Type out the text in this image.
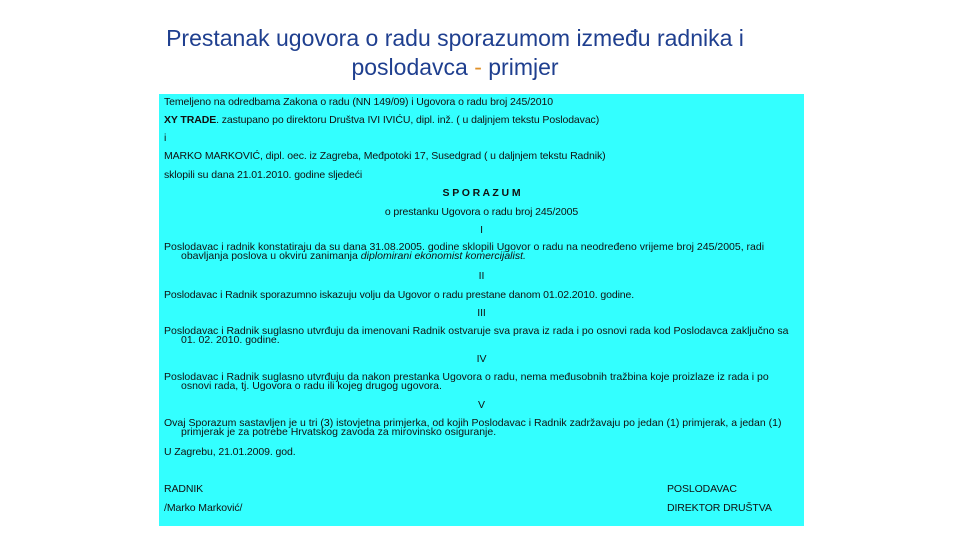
Prestanak ugovora o radu sporazumom između radnika i
poslodavca - primjer
Temeljeno na odredbama Zakona o radu (NN 149/09) i Ugovora o radu broj 245/2010
XY TRADE. zastupano po direktoru Društva IVI IVIĆU, dipl. inž. ( u daljnjem tekstu Poslodavac)
i
MARKO MARKOVIĆ, dipl. oec. iz Zagreba, Međpotoki 17, Susedgrad ( u daljnjem tekstu Radnik)
sklopili su dana 21.01.2010. godine sljedeći
S P O R A Z U M
o prestanku Ugovora o radu broj 245/2005
I
Poslodavac i radnik konstatiraju da su dana 31.08.2005. godine sklopili Ugovor o radu na neodređeno vrijeme broj 245/2005, radi obavljanja poslova u okviru zanimanja diplomirani ekonomist komercijalist.
II
Poslodavac i Radnik sporazumno iskazuju volju da Ugovor o radu prestane danom 01.02.2010. godine.
III
Poslodavac i Radnik suglasno utvrđuju da imenovani Radnik ostvaruje sva prava iz rada i po osnovi rada kod Poslodavca zaključno sa 01. 02. 2010. godine.
IV
Poslodavac i Radnik suglasno utvrđuju da nakon prestanka Ugovora o radu, nema međusobnih tražbina koje proizlaze iz rada i po osnovi rada, tj. Ugovora o radu ili kojeg drugog ugovora.
V
Ovaj Sporazum sastavljen je u tri (3) istovjetna primjerka, od kojih Poslodavac i Radnik zadržavaju po jedan (1) primjerak, a jedan (1) primjerak je za potrebe Hrvatskog zavoda za mirovinsko osiguranje.
U Zagrebu, 21.01.2009. god.
RADNIK
/Marko Marković/
POSLODAVAC
DIREKTOR DRUŠTVA
